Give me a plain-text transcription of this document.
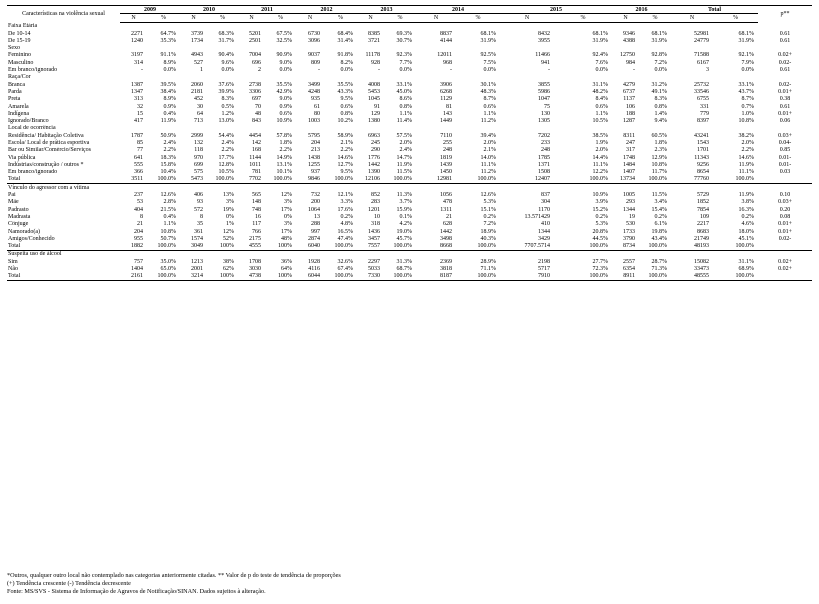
Características na violência sexual	2009		2010		2011		2012		2013		2014		2015		2016		Total		p**
	N	%	N	%	N	%	N	%	N	%	N	%	N	%	N	%	N	%	
Faixa Etária																			
De 10-14	2271	64.7%	3739	68.3%	5201	67.5%	6730	68.4%	8385	69.3%	8837	68.1%	8432	68.1%	9346	68.1%	52981	68.1%	0.61
De 15-19	1240	35.3%	1734	31.7%	2501	32.5%	3096	31.4%	3721	30.7%	4144	31.9%	3955	31.9%	4388	31.9%	24779	31.9%	0.61
Sexo																			
Feminino	3197	91.1%	4943	90.4%	7004	90.9%	9037	91.8%	11178	92.3%	12011	92.5%	11466	92.4%	12750	92.8%	71588	92.1%	0.02+
Masculino	314	8.9%	527	9.6%	696	9.0%	809	8.2%	928	7.7%	968	7.5%	941	7.6%	984	7.2%	6167	7.9%	0.02-
Em branco/ignorado	-	0.0%	1	0.0%	2	0.0%	-	0.0%	-	0.0%	-	0.0%	-	0.0%	-	0.0%	3	0.0%	0.61
Raça/Cor																			
Branca	1387	39.5%	2060	37.6%	2738	35.5%	3499	35.5%	4008	33.1%	3906	30.1%	3855	31.1%	4279	31.2%	25732	33.1%	0.02-
Parda	1347	38.4%	2181	39.9%	3306	42.9%	4248	43.3%	5453	45.0%	6268	48.3%	5986	48.2%	6737	49.1%	33546	43.7%	0.01+
Preta	313	8.9%	452	8.3%	697	9.0%	935	9.5%	1045	8.6%	1129	8.7%	1047	8.4%	1137	8.3%	6755	8.7%	0.38
Amarela	32	0.9%	30	0.5%	70	0.9%	61	0.6%	91	0.8%	81	0.6%	75	0.6%	106	0.8%	331	0.7%	0.61
Indígena	15	0.4%	64	1.2%	48	0.6%	80	0.8%	129	1.1%	143	1.1%	130	1.1%	188	1.4%	779	1.0%	0.01+
Ignorado/Branco	417	11.9%	713	13.0%	843	10.9%	1003	10.2%	1380	11.4%	1449	11.2%	1305	10.5%	1287	9.4%	8397	10.8%	0.06
Local de ocorrência																			
Residência/ Habitação Coletiva	1787	50.9%	2999	54.4%	4454	57.8%	5795	58.9%	6963	57.5%	7110	39.4%	7202	38.5%	8311	60.5%	43241	38.2%	0.03+
Escola/ Local de prática esportiva	85	2.4%	132	2.4%	142	1.8%	204	2.1%	245	2.0%	255	2.0%	233	1.9%	247	1.8%	1543	2.0%	0.04-
Bar ou Similar/Comércio/Serviços	77	2.2%	118	2.2%	168	2.2%	213	2.2%	290	2.4%	248	2.1%	248	2.0%	317	2.3%	1701	2.2%	0.85
Via pública	641	18.3%	970	17.7%	1144	14.9%	1438	14.6%	1776	14.7%	1819	14.0%	1785	14.4%	1748	12.9%	11343	14.6%	0.01-
Indústrias/construção / outros *	555	15.8%	699	12.8%	1011	13.1%	1255	12.7%	1442	11.9%	1439	11.1%	1371	11.1%	1484	10.8%	9256	11.9%	0.01-
Em branco/ignorado	366	10.4%	575	10.5%	781	10.1%	937	9.5%	1390	11.5%	1450	11.2%	1508	12.2%	1407	11.7%	8654	11.1%	0.03
Total	3511	100.0%	5473	100.0%	7702	100.0%	9846	100.0%	12106	100.0%	12981	100.0%	12407	100.0%	13734	100.0%	77760	100.0%	
Vínculo do agressor com a vítima																			
Pai	237	12.6%	406	13%	565	12%	732	12.1%	852	11.3%	1056	12.6%	837	10.9%	1005	11.5%	5729	11.9%	0.10
Mãe	53	2.8%	93	3%	148	3%	200	3.3%	283	3.7%	478	5.3%	304	3.9%	293	3.4%	1852	3.8%	0.03+
Padrasto	404	21.5%	572	19%	748	17%	1064	17.6%	1201	15.9%	1311	15.1%	1170	15.2%	1344	15.4%	7854	16.3%	0.20
Madrasta	8	0.4%	8	0%	16	0%	13	0.2%	10	0.1%	21	0.2%	13.571429	0.2%	19	0.2%	109	0.2%	0.08
Cônjuge	21	1.1%	35	1%	117	3%	288	4.8%	318	4.2%	628	7.2%	410	5.3%	530	6.1%	2217	4.6%	0.01+
Namorado(a)	204	10.8%	361	12%	766	17%	997	16.5%	1436	19.0%	1442	18.9%	1344	20.8%	1733	19.8%	8683	18.0%	0.01+
Amigos/Conhecido	955	50.7%	1574	52%	2175	48%	2874	47.4%	3457	45.7%	3498	40.3%	3429	44.5%	3790	43.4%	21749	45.1%	0.02-
Total	1882	100.0%	3049	100%	4555	100%	6040	100.0%	7557	100.0%	8668	100.0%	7707.5714	100.0%	8734	100.0%	48193	100.0%	
Suspeita uso de álcool																			
Sim	757	35.0%	1213	38%	1708	36%	1928	32.6%	2297	31.3%	2369	28.9%	2198	27.7%	2557	28.7%	15082	31.1%	0.02+
Não	1404	65.0%	2001	62%	3030	64%	4116	67.4%	5033	68.7%	3818	71.1%	5717	72.3%	6354	71.3%	33473	68.9%	0.02+
Total	2161	100.0%	3214	100%	4738	100%	6044	100.0%	7330	100.0%	8187	100.0%	7910	100.0%	8911	100.0%	48555	100.0%	
*Outros, qualquer outro local não contemplado nas categorias anteriormente citadas. ** Valor de p do teste de tendência de proporções
(+) Tendência crescente (-) Tendência decrescente
Fonte: MS/SVS - Sistema de Informação de Agravos de Notificação/SINAN. Dados sujeitos à alteração.
